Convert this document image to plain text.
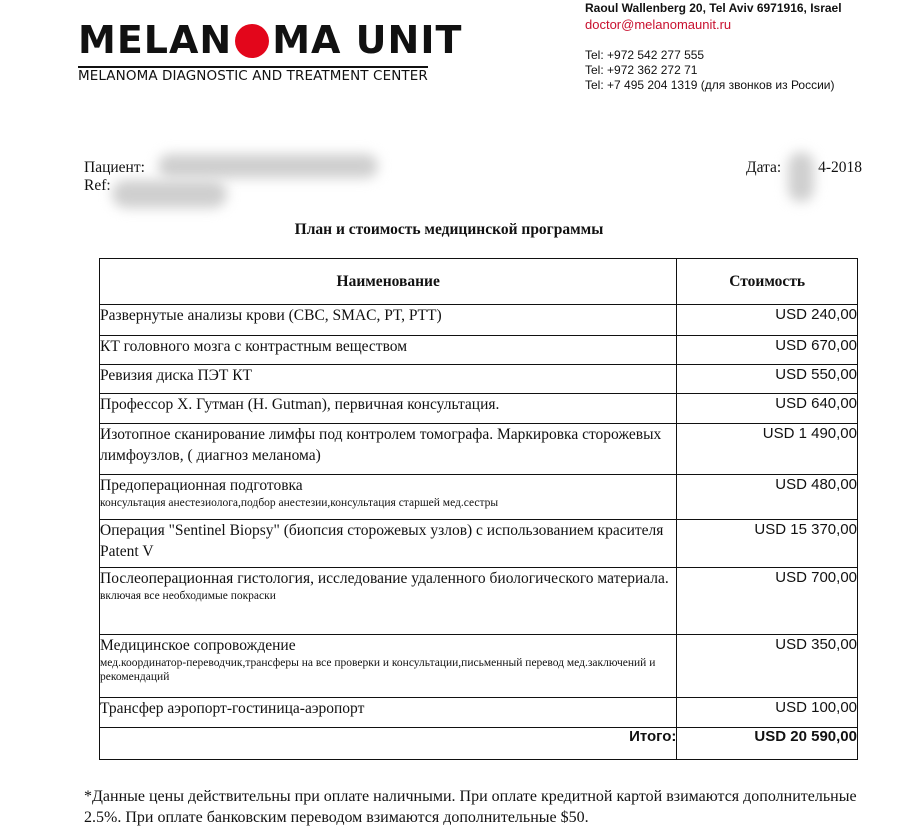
MELAN MA UNIT
MELANOMA DIAGNOSTIC AND TREATMENT CENTER
Raoul Wallenberg 20, Tel Aviv 6971916, Israel
doctor@melanomaunit.ru
Tel: +972 542 277 555
Tel: +972 362 272 71
Tel: +7 495 204 1319 (для звонков из России)
Пациент:
Ref:
Дата: 4-2018
План и стоимость медицинской программы
Наименование	Стоимость
Развернутые анализы крови (CBC, SMAC, PT, PTT)	USD 240,00
КТ головного мозга с контрастным веществом	USD 670,00
Ревизия диска ПЭТ КТ	USD 550,00
Профессор Х. Гутман (H. Gutman), первичная консультация.	USD 640,00
Изотопное сканирование лимфы под контролем томографа. Маркировка сторожевых лимфоузлов, ( диагноз меланома)	USD 1 490,00
Предоперационная подготовка
консультация анестезиолога,подбор анестезии,консультация старшей мед.сестры	USD 480,00
Операция "Sentinel Biopsy" (биопсия сторожевых узлов) с использованием красителя Patent V	USD 15 370,00
Послеоперационная гистология, исследование удаленного биологического материала.
включая все необходимые покраски	USD 700,00
Медицинское сопровождение
мед.координатор-переводчик,трансферы на все проверки и консультации,письменный перевод мед.заключений и рекомендаций	USD 350,00
Трансфер аэропорт-гостиница-аэропорт	USD 100,00
Итого:	USD 20 590,00
*Данные цены действительны при оплате наличными. При оплате кредитной картой взимаются дополнительные 2.5%. При оплате банковским переводом взимаются дополнительные $50.
